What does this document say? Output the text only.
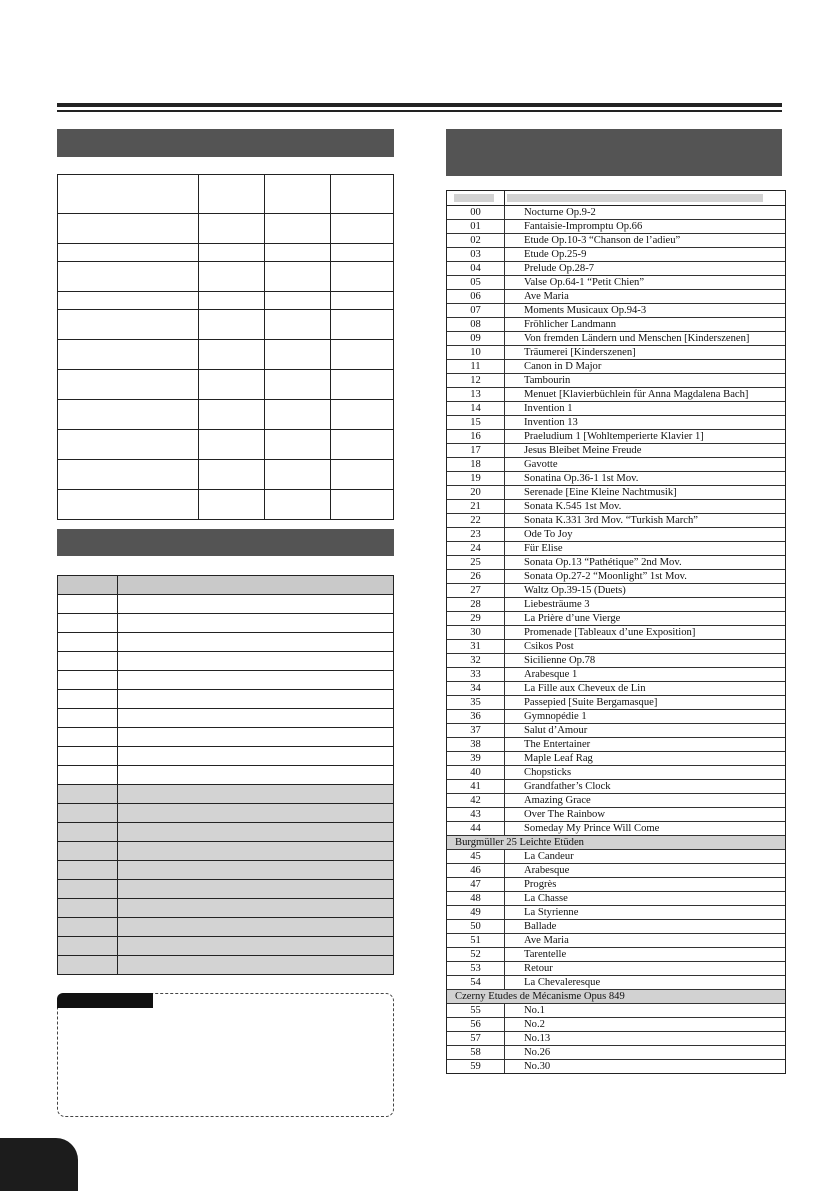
00	Nocturne Op.9-2
01	Fantaisie-Impromptu Op.66
02	Etude Op.10-3 “Chanson de l’adieu”
03	Etude Op.25-9
04	Prelude Op.28-7
05	Valse Op.64-1 “Petit Chien”
06	Ave Maria
07	Moments Musicaux Op.94-3
08	Fröhlicher Landmann
09	Von fremden Ländern und Menschen [Kinderszenen]
10	Träumerei [Kinderszenen]
11	Canon in D Major
12	Tambourin
13	Menuet [Klavierbüchlein für Anna Magdalena Bach]
14	Invention 1
15	Invention 13
16	Praeludium 1 [Wohltemperierte Klavier 1]
17	Jesus Bleibet Meine Freude
18	Gavotte
19	Sonatina Op.36-1 1st Mov.
20	Serenade [Eine Kleine Nachtmusik]
21	Sonata K.545 1st Mov.
22	Sonata K.331 3rd Mov. “Turkish March”
23	Ode To Joy
24	Für Elise
25	Sonata Op.13 “Pathétique” 2nd Mov.
26	Sonata Op.27-2 “Moonlight” 1st Mov.
27	Waltz Op.39-15 (Duets)
28	Liebesträume 3
29	La Prière d’une Vierge
30	Promenade [Tableaux d’une Exposition]
31	Csikos Post
32	Sicilienne Op.78
33	Arabesque 1
34	La Fille aux Cheveux de Lin
35	Passepied [Suite Bergamasque]
36	Gymnopédie 1
37	Salut d’Amour
38	The Entertainer
39	Maple Leaf Rag
40	Chopsticks
41	Grandfather’s Clock
42	Amazing Grace
43	Over The Rainbow
44	Someday My Prince Will Come
Burgmüller 25 Leichte Etüden
45	La Candeur
46	Arabesque
47	Progrès
48	La Chasse
49	La Styrienne
50	Ballade
51	Ave Maria
52	Tarentelle
53	Retour
54	La Chevaleresque
Czerny Etudes de Mécanisme Opus 849
55	No.1
56	No.2
57	No.13
58	No.26
59	No.30
